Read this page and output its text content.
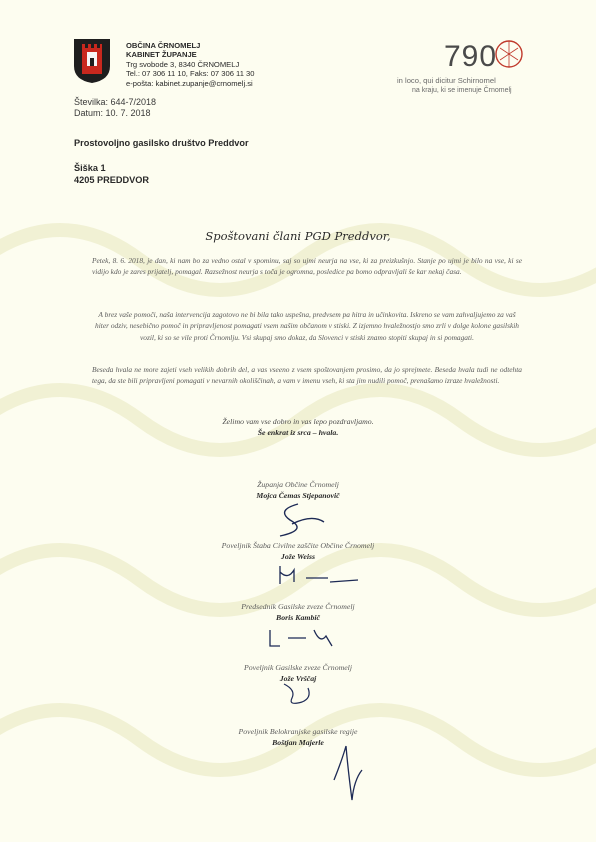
OBČINA ČRNOMELJ
KABINET ŽUPANJE
Trg svobode 3, 8340 ČRNOMELJ
Tel.: 07 306 11 10, Faks: 07 306 11 30
e-pošta: kabinet.zupanje@crnomelj.si
790
in loco, qui dicitur Schirnomel
na kraju, ki se imenuje Črnomelj
Številka: 644-7/2018
Datum: 10. 7. 2018
Prostovoljno gasilsko društvo Preddvor
Šiška 1
4205 PREDDVOR
Spoštovani člani PGD Preddvor,
Petek, 8. 6. 2018, je dan, ki nam bo za vedno ostal v spominu, saj so ujmi neurja na vse, ki za preizkušnjo. Stanje po ujmi je bilo na vse, ki se vidijo kdo je zares prijatelj, pomagal. Razsežnost neurja s toča je ogromna, posledice pa bomo odpravljali še kar nekaj časa.
A brez vaše pomoči, naša intervencija zagotovo ne bi bila tako uspešna, predvsem pa hitra in učinkovita. Iskreno se vam zahvaljujemo za vaš hiter odziv, nesebično pomoč in pripravljenost pomagati vsem našim občanom v stiski. Z izjemno hvaležnostjo smo zrli v dolge kolone gasilskih vozil, ki so se vile proti Črnomlju. Vsi skupaj smo dokaz, da Slovenci v stiski znamo stopiti skupaj in si pomagati.
Beseda hvala ne more zajeti vseh velikih dobrih del, a vas vseeno z vsem spoštovanjem prosimo, da jo sprejmete. Beseda hvala tudi ne odtehta tega, da ste bili pripravljeni pomagati v nevarnih okoliščinah, a vam v imenu vseh, ki sta jim nudili pomoč, prenašamo izraze hvaležnosti.
Želimo vam vse dobro in vas lepo pozdravljamo.
Še enkrat iz srca – hvala.
Županja Občine Črnomelj
Mojca Čemas Stjepanovič
Poveljnik Štaba Civilne zaščite Občine Črnomelj
Jože Weiss
Predsednik Gasilske zveze Črnomelj
Boris Kambič
Poveljnik Gasilske zveze Črnomelj
Jože Vrščaj
Poveljnik Belokranjske gasilske regije
Boštjan Majerle
